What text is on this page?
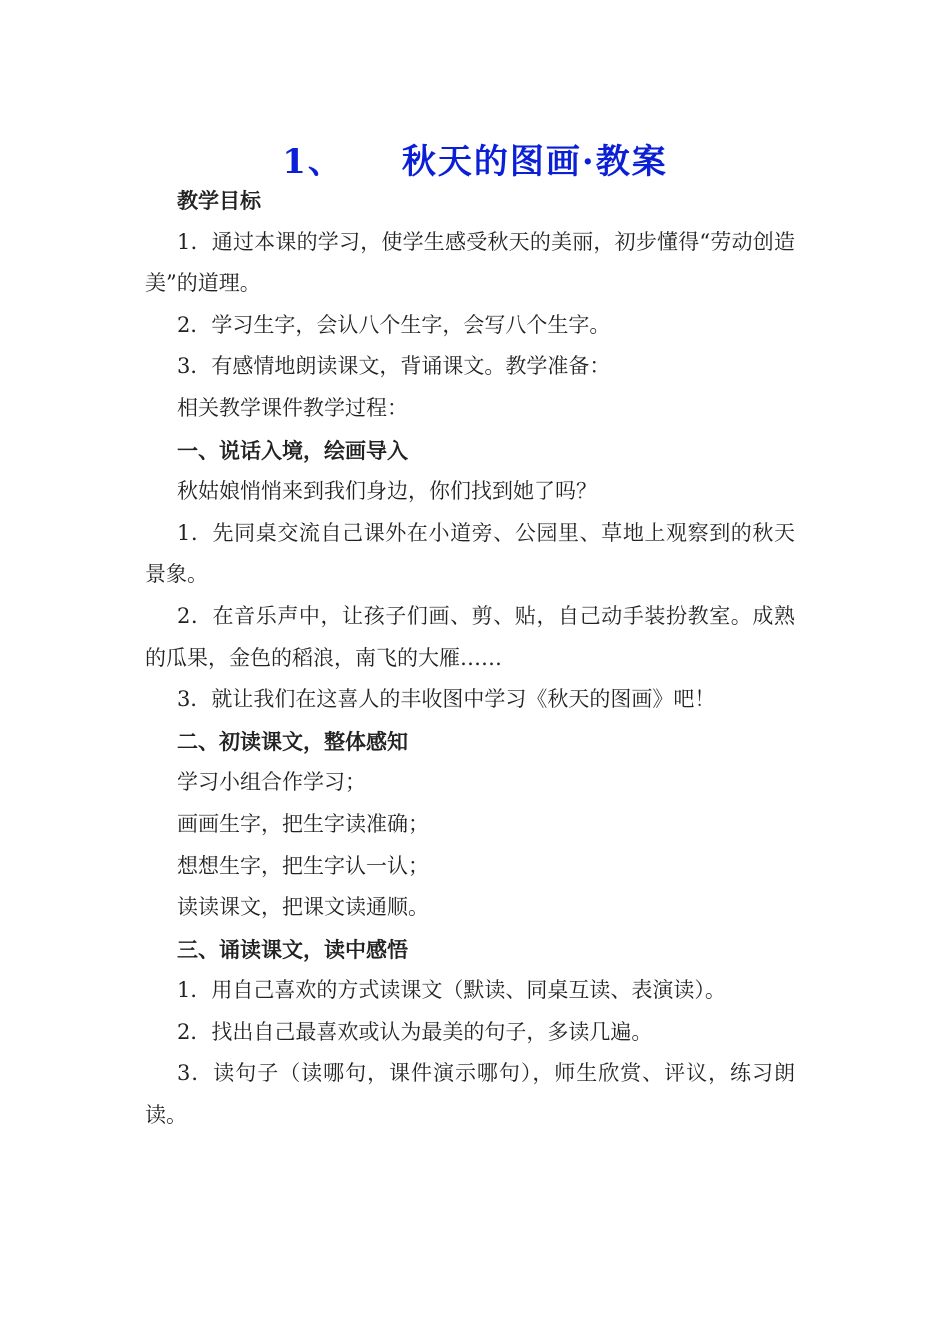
1、 秋天的图画·教案

教学目标

1．通过本课的学习，使学生感受秋天的美丽，初步懂得“劳动创造美”的道理。

2．学习生字，会认八个生字，会写八个生字。

3．有感情地朗读课文，背诵课文。教学准备：

相关教学课件教学过程：

一、说话入境，绘画导入

秋姑娘悄悄来到我们身边，你们找到她了吗？

1．先同桌交流自己课外在小道旁、公园里、草地上观察到的秋天景象。

2．在音乐声中，让孩子们画、剪、贴，自己动手装扮教室。成熟的瓜果，金色的稻浪，南飞的大雁……

3．就让我们在这喜人的丰收图中学习《秋天的图画》吧！

二、初读课文，整体感知

学习小组合作学习；

画画生字，把生字读准确；

想想生字，把生字认一认；

读读课文，把课文读通顺。

三、诵读课文，读中感悟

1．用自己喜欢的方式读课文（默读、同桌互读、表演读）。

2．找出自己最喜欢或认为最美的句子，多读几遍。

3．读句子（读哪句，课件演示哪句），师生欣赏、评议，练习朗读。
